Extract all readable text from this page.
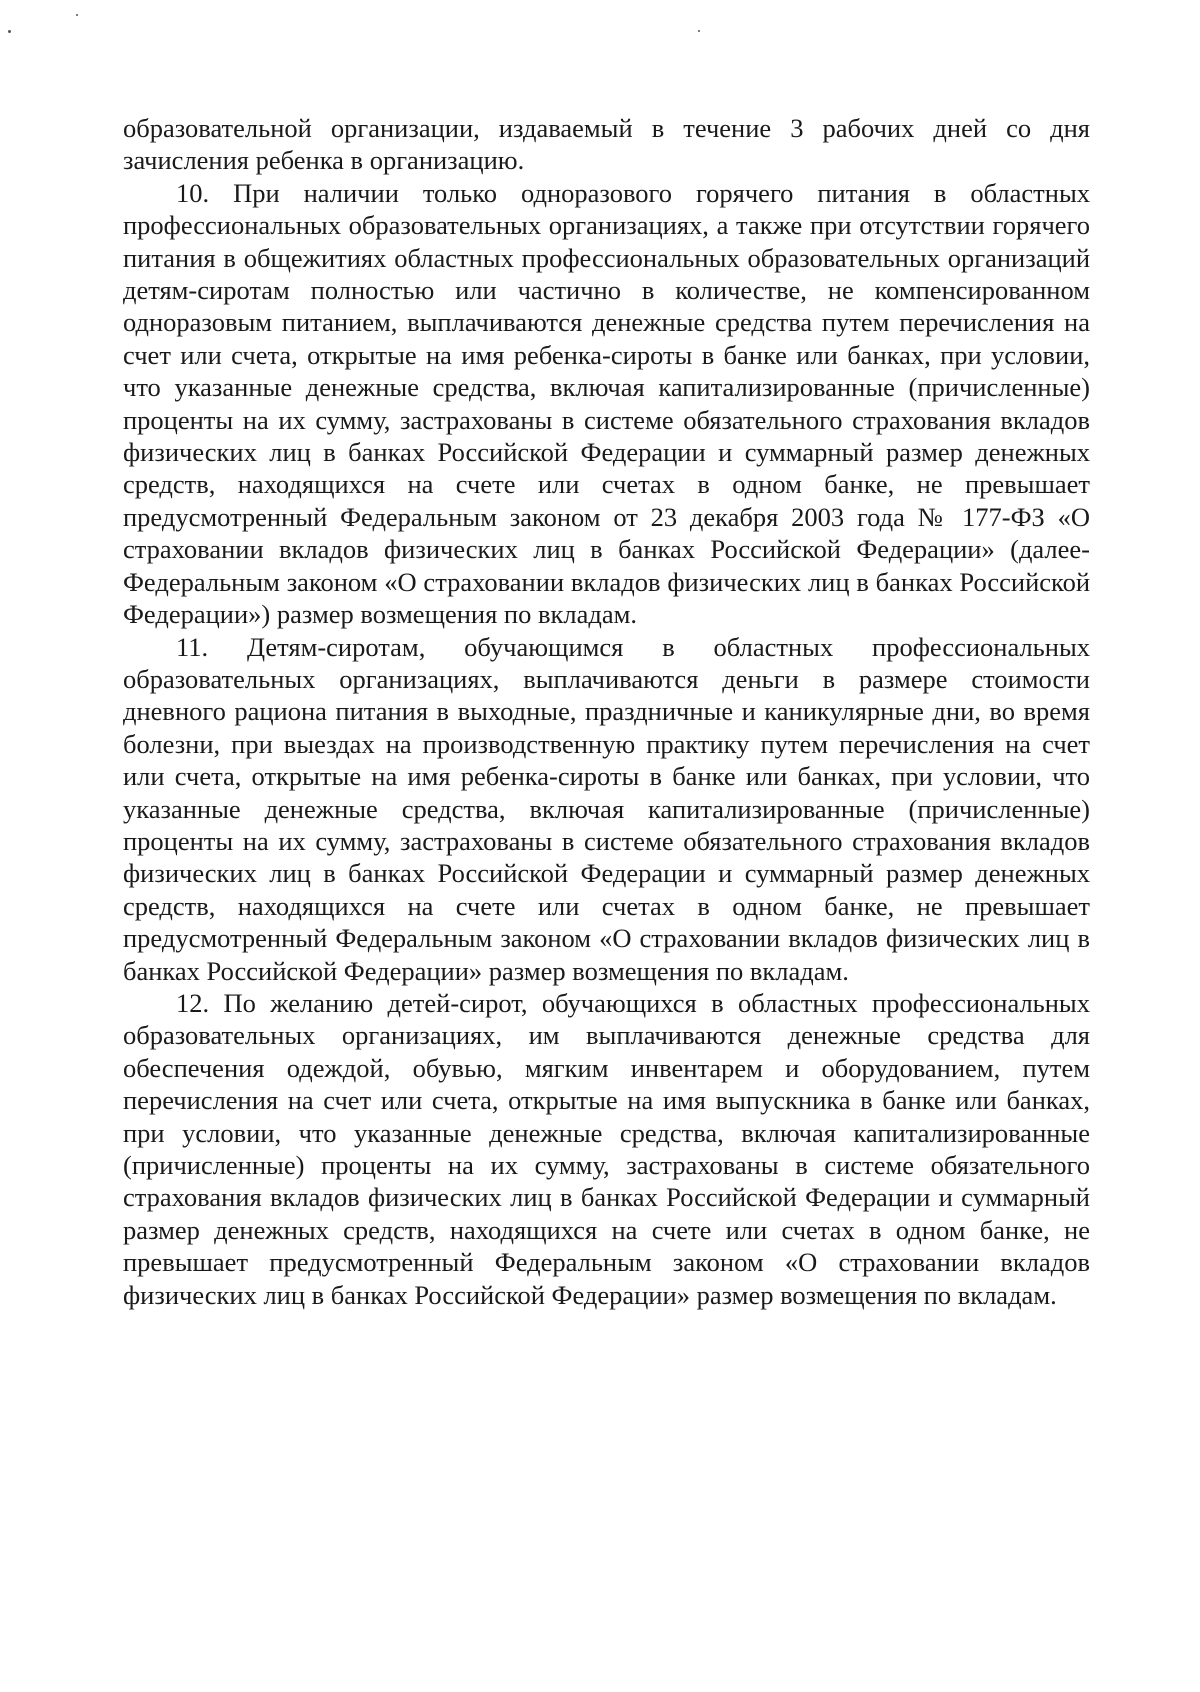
образовательной организации, издаваемый в течение 3 рабочих дней со дня зачисления ребенка в организацию.

10. При наличии только одноразового горячего питания в областных профессиональных образовательных организациях, а также при отсутствии горячего питания в общежитиях областных профессиональных образовательных организаций детям-сиротам полностью или частично в количестве, не компенсированном одноразовым питанием, выплачиваются денежные средства путем перечисления на счет или счета, открытые на имя ребенка-сироты в банке или банках, при условии, что указанные денежные средства, включая капитализированные (причисленные) проценты на их сумму, застрахованы в системе обязательного страхования вкладов физических лиц в банках Российской Федерации и суммарный размер денежных средств, находящихся на счете или счетах в одном банке, не превышает предусмотренный Федеральным законом от 23 декабря 2003 года № 177-ФЗ «О страховании вкладов физических лиц в банках Российской Федерации» (далее- Федеральным законом «О страховании вкладов физических лиц в банках Российской Федерации») размер возмещения по вкладам.

11. Детям-сиротам, обучающимся в областных профессиональных образовательных организациях, выплачиваются деньги в размере стоимости дневного рациона питания в выходные, праздничные и каникулярные дни, во время болезни, при выездах на производственную практику путем перечисления на счет или счета, открытые на имя ребенка-сироты в банке или банках, при условии, что указанные денежные средства, включая капитализированные (причисленные) проценты на их сумму, застрахованы в системе обязательного страхования вкладов физических лиц в банках Российской Федерации и суммарный размер денежных средств, находящихся на счете или счетах в одном банке, не превышает предусмотренный Федеральным законом «О страховании вкладов физических лиц в банках Российской Федерации» размер возмещения по вкладам.

12. По желанию детей-сирот, обучающихся в областных профессиональных образовательных организациях, им выплачиваются денежные средства для обеспечения одеждой, обувью, мягким инвентарем и оборудованием, путем перечисления на счет или счета, открытые на имя выпускника в банке или банках, при условии, что указанные денежные средства, включая капитализированные (причисленные) проценты на их сумму, застрахованы в системе обязательного страхования вкладов физических лиц в банках Российской Федерации и суммарный размер денежных средств, находящихся на счете или счетах в одном банке, не превышает предусмотренный Федеральным законом «О страховании вкладов физических лиц в банках Российской Федерации» размер возмещения по вкладам.
